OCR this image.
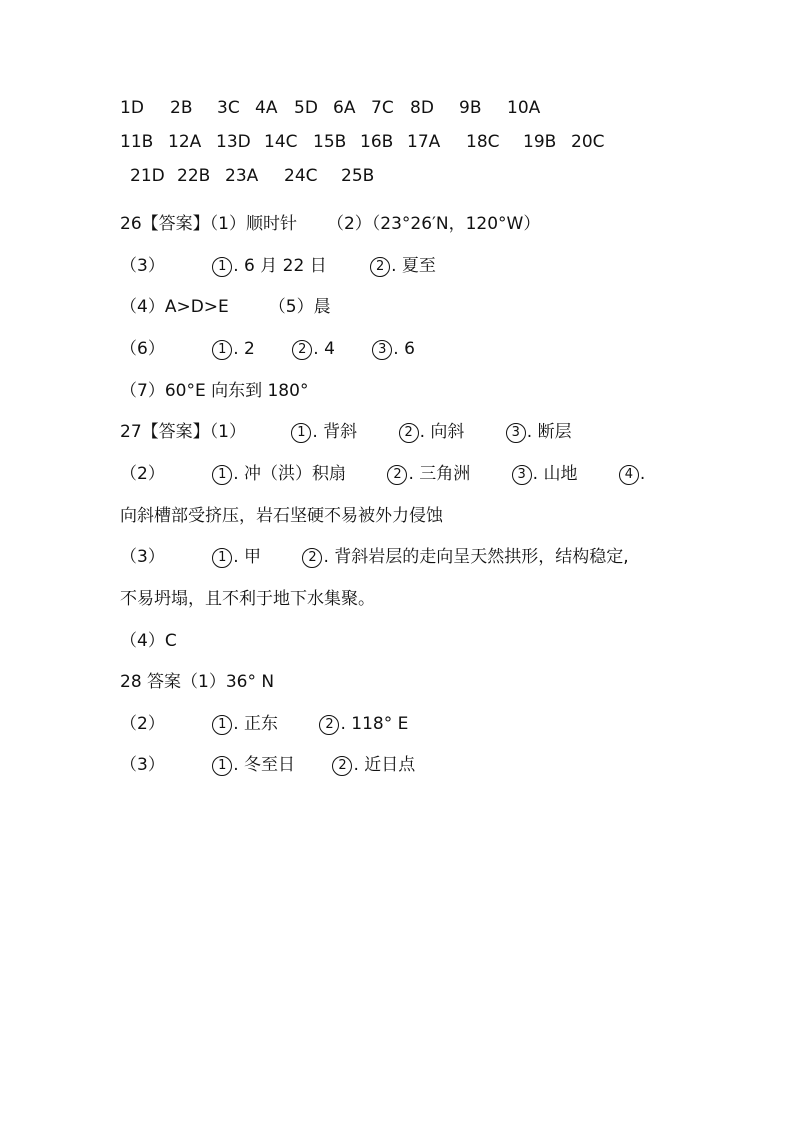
1D 2B 3C 4A 5D 6A 7C 8D 9B 10A
11B 12A 13D 14C 15B 16B 17A 18C 19B 20C
21D 22B 23A 24C 25B
26【答案】（1）顺时针 （2）（23°26′N，120°W）
（3）	1 . 6 月 22 日	2 . 夏至
（4）A>D>E （5）晨
（6）	1 . 2	2 . 4	3 . 6
（7）60°E 向东到 180°
27【答案】（1）	1 . 背斜	2 . 向斜	3 . 断层
（2）	1 . 冲（洪）积扇	2 . 三角洲	3 . 山地	4 .
向斜槽部受挤压，岩石坚硬不易被外力侵蚀
（3）	1 . 甲	2 . 背斜岩层的走向呈天然拱形，结构稳定,
不易坍塌，且不利于地下水集聚。
（4）C
28 答案（1）36° N
（2）	1 . 正东	2 . 118° E
（3）	1 . 冬至日	2 . 近日点
